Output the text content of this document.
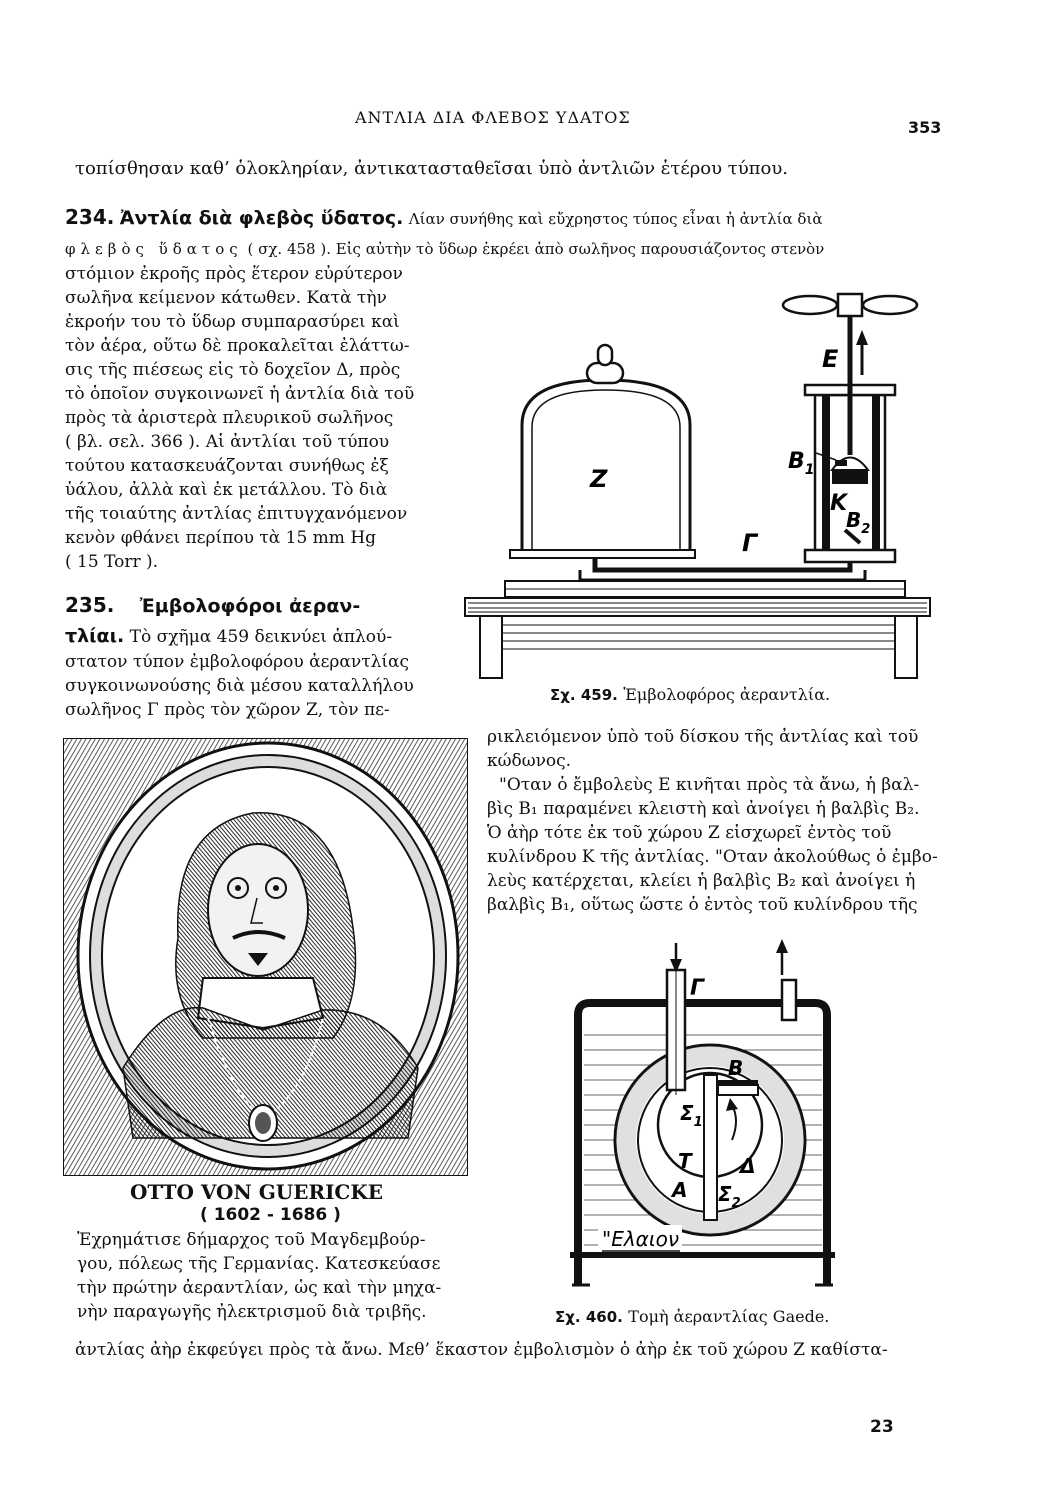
ΑΝΤΛΙΑ ΔΙΑ ΦΛΕΒΟΣ ΥΔΑΤΟΣ
353
τοπίσθησαν καθ’ ὁλοκληρίαν, ἀντικατασταθεῖσαι ὑπὸ ἀντλιῶν ἑτέρου τύπου.
234. Ἀντλία διὰ φλεβὸς ὕδατος. Λίαν συνήθης καὶ εὔχρηστος τύπος εἶναι ἡ ἀντλία διὰ
φλεβὸς ὕδατος ( σχ. 458 ). Εἰς αὐτὴν τὸ ὕδωρ ἐκρέει ἀπὸ σωλῆνος παρουσιάζοντος στενὸν
στόμιον ἐκροῆς πρὸς ἕτερον εὐρύτερον
σωλῆνα κείμενον κάτωθεν. Κατὰ τὴν
ἐκροήν του τὸ ὕδωρ συμπαρασύρει καὶ
τὸν ἀέρα, οὕτω δὲ προκαλεῖται ἐλάττω-
σις τῆς πιέσεως εἰς τὸ δοχεῖον Δ, πρὸς
τὸ ὁποῖον συγκοινωνεῖ ἡ ἀντλία διὰ τοῦ
πρὸς τὰ ἀριστερὰ πλευρικοῦ σωλῆνος
( βλ. σελ. 366 ). Αἱ ἀντλίαι τοῦ τύπου
τούτου κατασκευάζονται συνήθως ἐξ
ὑάλου, ἀλλὰ καὶ ἐκ μετάλλου. Τὸ διὰ
τῆς τοιαύτης ἀντλίας ἐπιτυγχανόμενον
κενὸν φθάνει περίπου τὰ 15 mm Hg
( 15 Torr ).
235. Ἐμβολοφόροι ἀεραν-
τλίαι. Τὸ σχῆμα 459 δεικνύει ἁπλού-
στατον τύπον ἐμβολοφόρου ἀεραντλίας
συγκοινωνούσης διὰ μέσου καταλλήλου
σωλῆνος Γ πρὸς τὸν χῶρον Ζ, τὸν πε-
E
$B_1$
K
$B_2$
Z
Γ
Σχ. 459. Ἐμβολοφόρος ἀεραντλία.
ρικλειόμενον ὑπὸ τοῦ δίσκου τῆς ἀντλίας καὶ τοῦ
κώδωνος.
"Οταν ὁ ἔμβολεὺς Ε κινῆται πρὸς τὰ ἄνω, ἡ βαλ-
βὶς Β₁ παραμένει κλειστὴ καὶ ἀνοίγει ἡ βαλβὶς Β₂.
Ὁ ἀὴρ τότε ἐκ τοῦ χώρου Ζ εἰσχωρεῖ ἐντὸς τοῦ
κυλίνδρου Κ τῆς ἀντλίας. "Οταν ἀκολούθως ὁ ἐμβο-
λεὺς κατέρχεται, κλείει ἡ βαλβὶς Β₂ καὶ ἀνοίγει ἡ
βαλβὶς Β₁, οὕτως ὥστε ὁ ἐντὸς τοῦ κυλίνδρου τῆς
OTTO VON GUERICKE
( 1602 - 1686 )
Ἐχρημάτισε δήμαρχος τοῦ Μαγδεμβούρ-
γου, πόλεως τῆς Γερμανίας. Κατεσκεύασε
τὴν πρώτην ἀεραντλίαν, ὡς καὶ τὴν μηχα-
νὴν παραγωγῆς ἠλεκτρισμοῦ διὰ τριβῆς.
Γ
B
$\Sigma_1$
T Δ
A $\Sigma_2$
"Ελαιον
Σχ. 460. Τομὴ ἀεραντλίας Gaede.
ἀντλίας ἀὴρ ἐκφεύγει πρὸς τὰ ἄνω. Μεθ’ ἕκαστον ἐμβολισμὸν ὁ ἀὴρ ἐκ τοῦ χώρου Ζ καθίστα-
23
